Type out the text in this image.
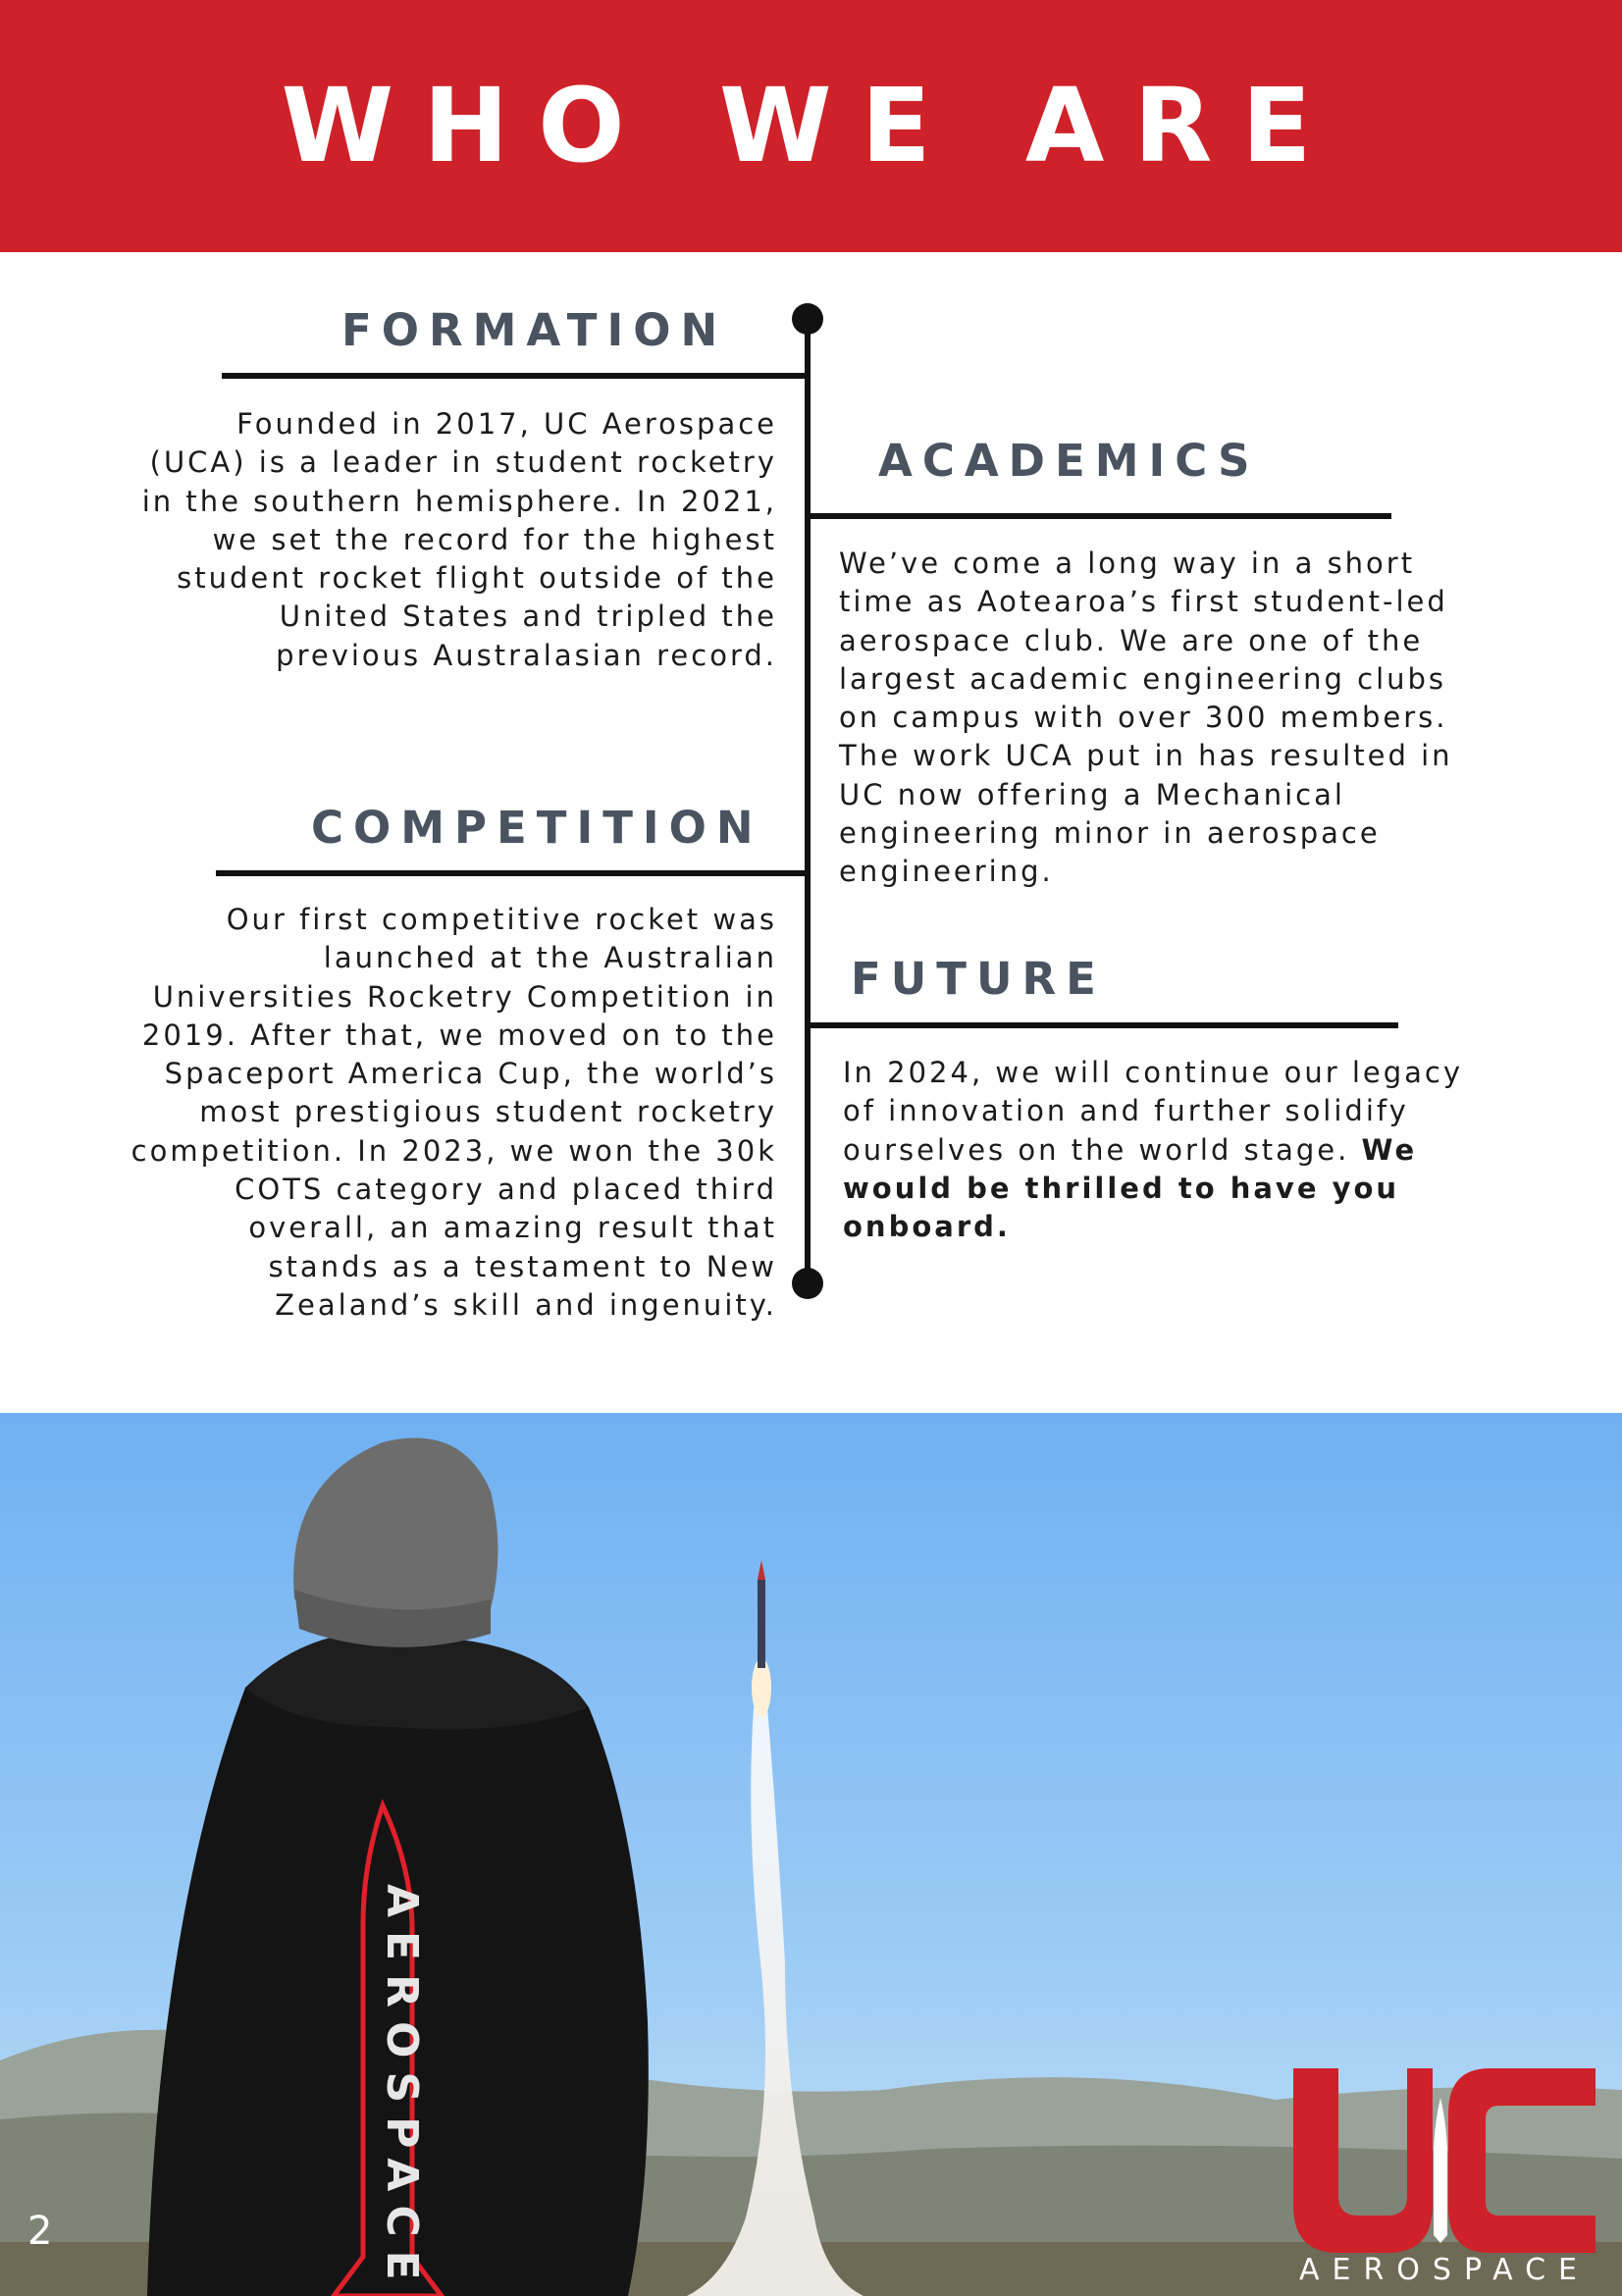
WHO WE ARE
FORMATION
Founded in 2017, UC Aerospace
(UCA) is a leader in student rocketry
in the southern hemisphere. In 2021,
we set the record for the highest
student rocket flight outside of the
United States and tripled the
previous Australasian record.
ACADEMICS
We’ve come a long way in a short
time as Aotearoa’s first student-led
aerospace club. We are one of the
largest academic engineering clubs
on campus with over 300 members.
The work UCA put in has resulted in
UC now offering a Mechanical
engineering minor in aerospace
engineering.
COMPETITION
Our first competitive rocket was
launched at the Australian
Universities Rocketry Competition in
2019. After that, we moved on to the
Spaceport America Cup, the world’s
most prestigious student rocketry
competition. In 2023, we won the 30k
COTS category and placed third
overall, an amazing result that
stands as a testament to New
Zealand’s skill and ingenuity.
FUTURE
In 2024, we will continue our legacy
of innovation and further solidify
ourselves on the world stage. We
would be thrilled to have you
onboard.
AEROSPACE
2
AEROSPACE
